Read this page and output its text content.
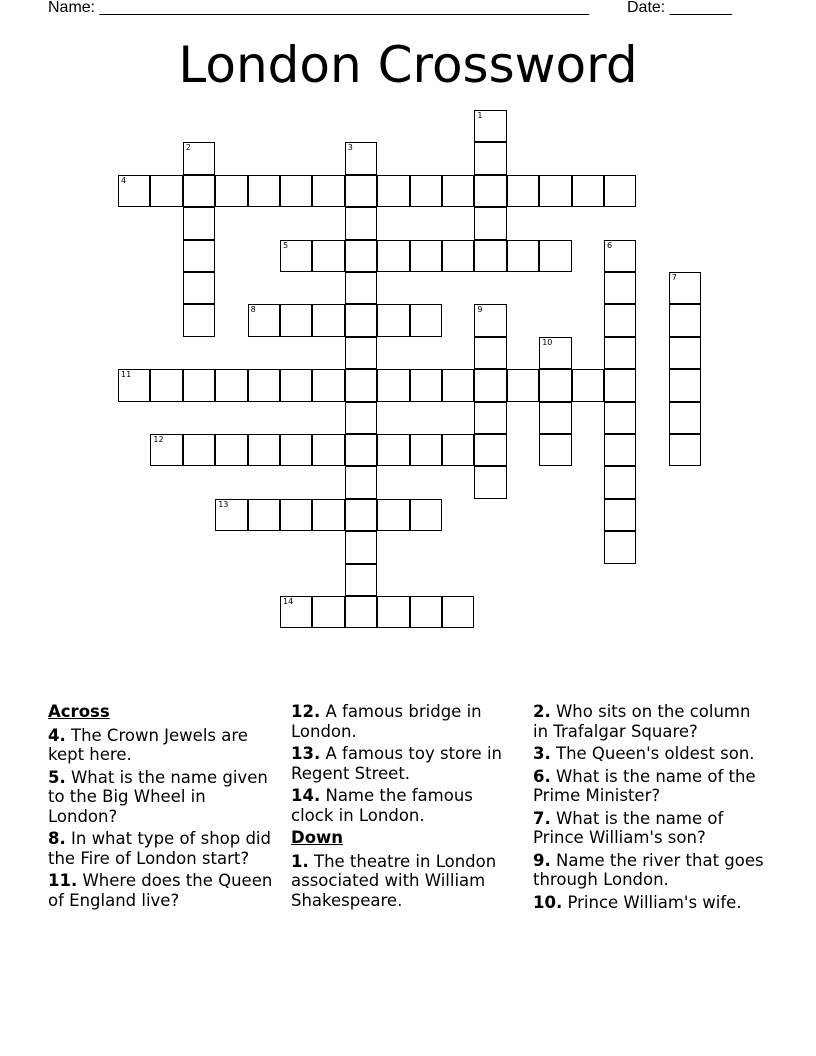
Name: _______________________________________________________ Date: _______
London Crossword
1
2	3
4
5	6
7
8	9
10
11
12
13
14
Across
4. The Crown Jewels are kept here.
5. What is the name given to the Big Wheel in London?
8. In what type of shop did the Fire of London start?
11. Where does the Queen of England live?
12. A famous bridge in London.
13. A famous toy store in Regent Street.
14. Name the famous clock in London.
Down
1. The theatre in London associated with William Shakespeare.
2. Who sits on the column in Trafalgar Square?
3. The Queen's oldest son.
6. What is the name of the Prime Minister?
7. What is the name of Prince William's son?
9. Name the river that goes through London.
10. Prince William's wife.
